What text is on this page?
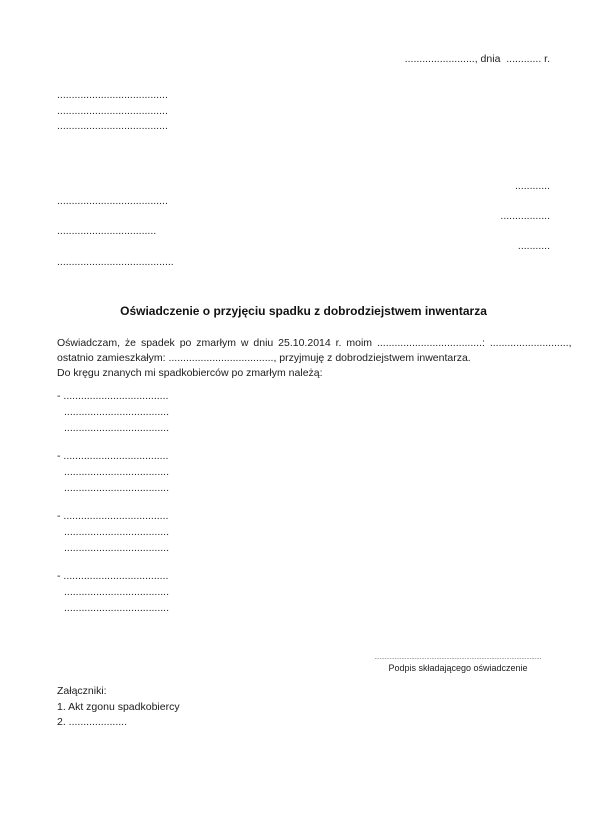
........................, dnia  ............ r.
......................................
......................................
......................................
............
......................................
.................
..................................
...........
........................................
Oświadczenie o przyjęciu spadku z dobrodziejstwem inwentarza
Oświadczam, że spadek po zmarłym w dniu 25.10.2014 r. moim ....................................: ...........................,
ostatnio zamieszkałym: ...................................., przyjmuję z dobrodziejstwem inwentarza.
Do kręgu znanych mi spadkobierców po zmarłym należą:
- ....................................
....................................
....................................
- ....................................
....................................
....................................
- ....................................
....................................
....................................
- ....................................
....................................
....................................
....................................................................................................
Podpis składającego oświadczenie
Załączniki:
1. Akt zgonu spadkobiercy
2. ....................
